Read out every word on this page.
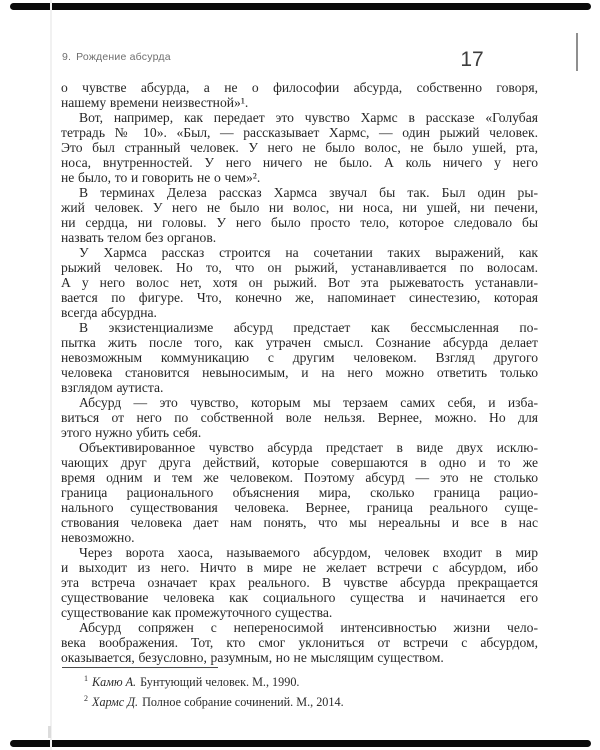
9. Рождение абсурда	17
о чувстве абсурда, а не о философии абсурда, собственно говоря,
нашему времени неизвестной»¹.
Вот, например, как передает это чувство Хармс в рассказе «Голубая
тетрадь № 10». «Был, — рассказывает Хармс, — один рыжий человек.
Это был странный человек. У него не было волос, не было ушей, рта,
носа, внутренностей. У него ничего не было. А коль ничего у него
не было, то и говорить не о чем»².
В терминах Делеза рассказ Хармса звучал бы так. Был один ры-
жий человек. У него не было ни волос, ни носа, ни ушей, ни печени,
ни сердца, ни головы. У него было просто тело, которое следовало бы
назвать телом без органов.
У Хармса рассказ строится на сочетании таких выражений, как
рыжий человек. Но то, что он рыжий, устанавливается по волосам.
А у него волос нет, хотя он рыжий. Вот эта рыжеватость устанавли-
вается по фигуре. Что, конечно же, напоминает синестезию, которая
всегда абсурдна.
В экзистенциализме абсурд предстает как бессмысленная по-
пытка жить после того, как утрачен смысл. Сознание абсурда делает
невозможным коммуникацию с другим человеком. Взгляд другого
человека становится невыносимым, и на него можно ответить только
взглядом аутиста.
Абсурд — это чувство, которым мы терзаем самих себя, и изба-
виться от него по собственной воле нельзя. Вернее, можно. Но для
этого нужно убить себя.
Объективированное чувство абсурда предстает в виде двух исклю-
чающих друг друга действий, которые совершаются в одно и то же
время одним и тем же человеком. Поэтому абсурд — это не столько
граница рационального объяснения мира, сколько граница рацио-
нального существования человека. Вернее, граница реального суще-
ствования человека дает нам понять, что мы нереальны и все в нас
невозможно.
Через ворота хаоса, называемого абсурдом, человек входит в мир
и выходит из него. Ничто в мире не желает встречи с абсурдом, ибо
эта встреча означает крах реального. В чувстве абсурда прекращается
существование человека как социального существа и начинается его
существование как промежуточного существа.
Абсурд сопряжен с непереносимой интенсивностью жизни чело-
века воображения. Тот, кто смог уклониться от встречи с абсурдом,
оказывается, безусловно, разумным, но не мыслящим существом.
$^1$ Камю А. Бунтующий человек. М., 1990.
$^2$ Хармс Д. Полное собрание сочинений. М., 2014.
